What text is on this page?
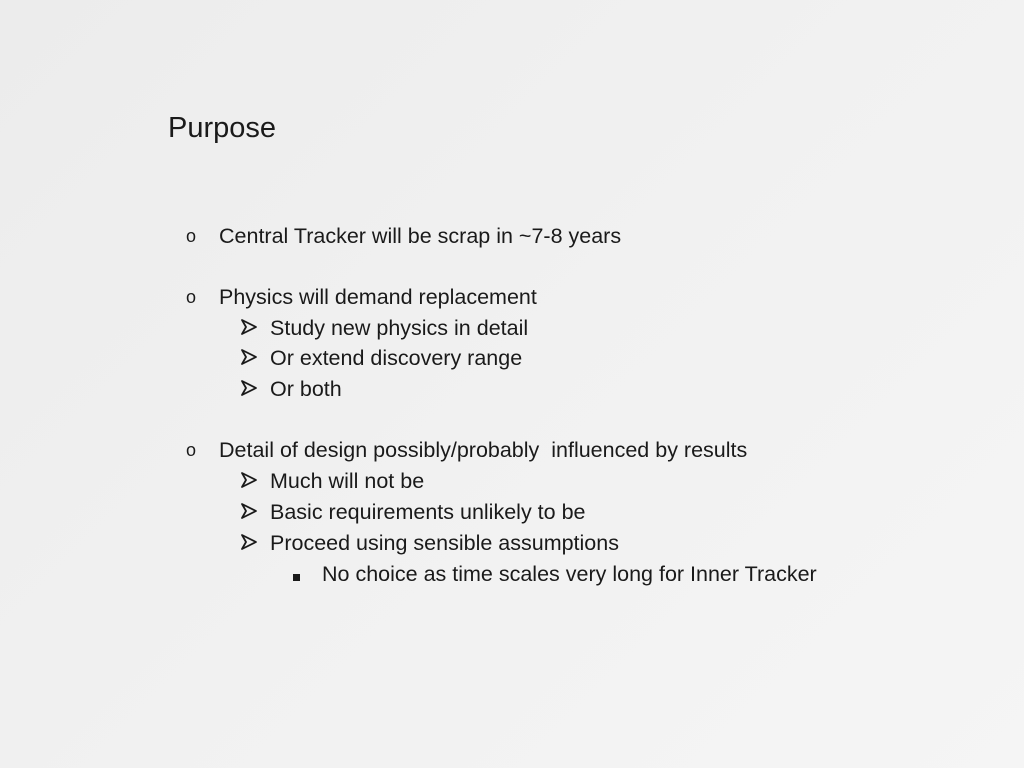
Purpose
o Central Tracker will be scrap in ~7-8 years
o Physics will demand replacement
Study new physics in detail
Or extend discovery range
Or both
o Detail of design possibly/probably  influenced by results
Much will not be
Basic requirements unlikely to be
Proceed using sensible assumptions
No choice as time scales very long for Inner Tracker
